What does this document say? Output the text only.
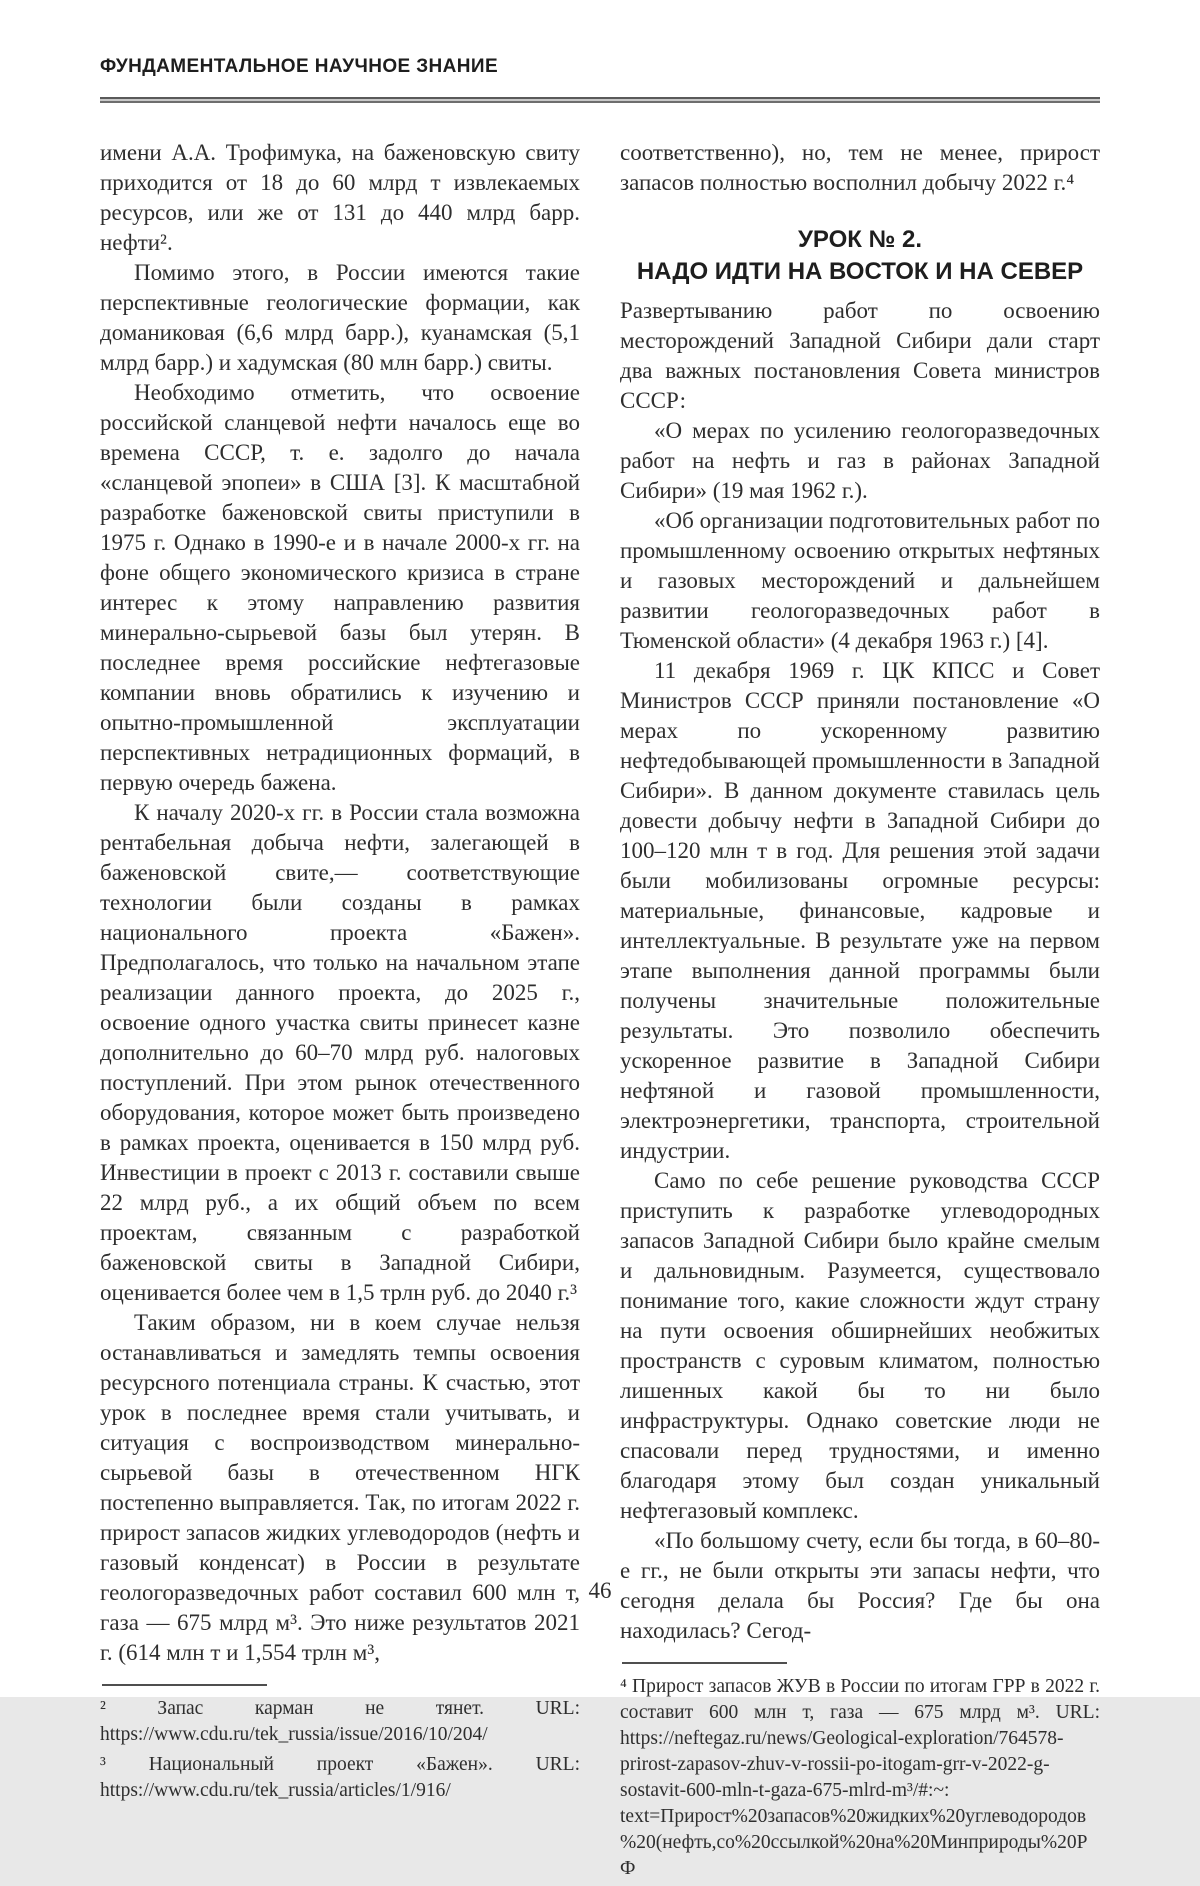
ФУНДАМЕНТАЛЬНОЕ НАУЧНОЕ ЗНАНИЕ

имени А.А. Трофимука, на баженовскую свиту приходится от 18 до 60 млрд т извлекаемых ресурсов, или же от 131 до 440 млрд барр. нефти².

Помимо этого, в России имеются такие перспективные геологические формации, как доманиковая (6,6 млрд барр.), куанамская (5,1 млрд барр.) и хадумская (80 млн барр.) свиты.

Необходимо отметить, что освоение российской сланцевой нефти началось еще во времена СССР, т. е. задолго до начала «сланцевой эпопеи» в США [3]. К масштабной разработке баженовской свиты приступили в 1975 г. Однако в 1990-е и в начале 2000-х гг. на фоне общего экономического кризиса в стране интерес к этому направлению развития минерально-сырьевой базы был утерян. В последнее время российские нефтегазовые компании вновь обратились к изучению и опытно-промышленной эксплуатации перспективных нетрадиционных формаций, в первую очередь бажена.

К началу 2020-х гг. в России стала возможна рентабельная добыча нефти, залегающей в баженовской свите,— соответствующие технологии были созданы в рамках национального проекта «Бажен». Предполагалось, что только на начальном этапе реализации данного проекта, до 2025 г., освоение одного участка свиты принесет казне дополнительно до 60–70 млрд руб. налоговых поступлений. При этом рынок отечественного оборудования, которое может быть произведено в рамках проекта, оценивается в 150 млрд руб. Инвестиции в проект с 2013 г. составили свыше 22 млрд руб., а их общий объем по всем проектам, связанным с разработкой баженовской свиты в Западной Сибири, оценивается более чем в 1,5 трлн руб. до 2040 г.³

Таким образом, ни в коем случае нельзя останавливаться и замедлять темпы освоения ресурсного потенциала страны. К счастью, этот урок в последнее время стали учитывать, и ситуация с воспроизводством минерально-сырьевой базы в отечественном НГК постепенно выправляется. Так, по итогам 2022 г. прирост запасов жидких углеводородов (нефть и газовый конденсат) в России в результате геологоразведочных работ составил 600 млн т, газа — 675 млрд м³. Это ниже результатов 2021 г. (614 млн т и 1,554 трлн м³,

² Запас карман не тянет. URL: https://www.cdu.ru/tek_russia/issue/2016/10/204/

³ Национальный проект «Бажен». URL: https://www.cdu.ru/tek_russia/articles/1/916/

соответственно), но, тем не менее, прирост запасов полностью восполнил добычу 2022 г.⁴

УРОК № 2.
НАДО ИДТИ НА ВОСТОК И НА СЕВЕР

Развертыванию работ по освоению месторождений Западной Сибири дали старт два важных постановления Совета министров СССР:

«О мерах по усилению геологоразведочных работ на нефть и газ в районах Западной Сибири» (19 мая 1962 г.).

«Об организации подготовительных работ по промышленному освоению открытых нефтяных и газовых месторождений и дальнейшем развитии геологоразведочных работ в Тюменской области» (4 декабря 1963 г.) [4].

11 декабря 1969 г. ЦК КПСС и Совет Министров СССР приняли постановление «О мерах по ускоренному развитию нефтедобывающей промышленности в Западной Сибири». В данном документе ставилась цель довести добычу нефти в Западной Сибири до 100–120 млн т в год. Для решения этой задачи были мобилизованы огромные ресурсы: материальные, финансовые, кадровые и интеллектуальные. В результате уже на первом этапе выполнения данной программы были получены значительные положительные результаты. Это позволило обеспечить ускоренное развитие в Западной Сибири нефтяной и газовой промышленности, электроэнергетики, транспорта, строительной индустрии.

Само по себе решение руководства СССР приступить к разработке углеводородных запасов Западной Сибири было крайне смелым и дальновидным. Разумеется, существовало понимание того, какие сложности ждут страну на пути освоения обширнейших необжитых пространств с суровым климатом, полностью лишенных какой бы то ни было инфраструктуры. Однако советские люди не спасовали перед трудностями, и именно благодаря этому был создан уникальный нефтегазовый комплекс.

«По большому счету, если бы тогда, в 60–80-е гг., не были открыты эти запасы нефти, что сегодня делала бы Россия? Где бы она находилась? Сегод-

⁴ Прирост запасов ЖУВ в России по итогам ГРР в 2022 г. составит 600 млн т, газа — 675 млрд м³. URL: https://neftegaz.ru/news/Geological-exploration/764578-prirost-zapasov-zhuv-v-rossii-po-itogam-grr-v-2022-g-sostavit-600-mln-t-gaza-675-mlrd-m³/#:~: text=Прирост%20запасов%20жидких%20углеводородов%20(нефть,со%20ссылкой%20на%20Минприроды%20РФ

46
